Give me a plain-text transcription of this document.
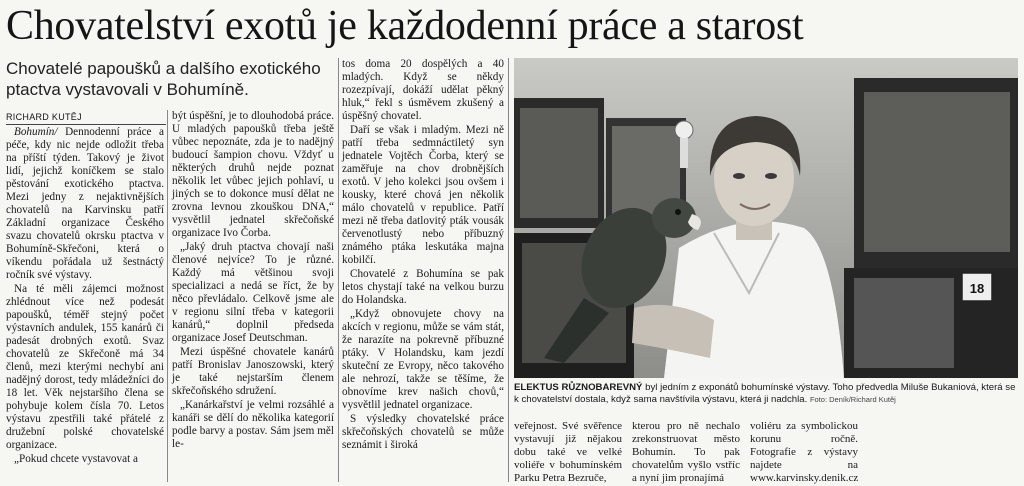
Chovatelství exotů je každodenní práce a starost
Chovatelé papoušků a dalšího exotického ptactva vystavovali v Bohumíně.
RICHARD KUTĚJ

Bohumín/ Dennodenní práce a péče, kdy nic nejde odložit třeba na příští týden. Takový je život lidí, jejichž koníčkem se stalo pěstování exotického ptactva. Mezi jedny z nejaktivnějších chovatelů na Karvinsku patří Základní organizace Českého svazu chovatelů okrsku ptactva v Bohumíně-Skřečoni, která o víkendu pořádala už šestnáctý ročník své výstavy.

Na té měli zájemci možnost zhlédnout více než podesát papoušků, téměř stejný počet výstavních andulek, 155 kanárů či padesát drobných exotů. Svaz chovatelů ze Skřečoně má 34 členů, mezi kterými nechybí ani nadějný dorost, tedy mládežníci do 18 let. Věk nejstaršího člena se pohybuje kolem čísla 70. Letos výstavu zpestřili také přátelé z družební polské chovatelské organizace.

„Pokud chcete vystavovat a

být úspěšní, je to dlouhodobá práce. U mladých papoušků třeba ještě vůbec nepoznáte, zda je to nadějný budoucí šampion chovu. Vždyť u některých druhů nejde poznat několik let vůbec jejich pohlaví, u jiných se to dokonce musí dělat ne zrovna levnou zkouškou DNA,“ vysvětlil jednatel skřečoňské organizace Ivo Čorba.

„Jaký druh ptactva chovají naši členové nejvíce? To je různé. Každý má většinou svoji specializaci a nedá se říct, že by něco převládalo. Celkově jsme ale v regionu silní třeba v kategorii kanárů,“ doplnil předseda organizace Josef Deutschman.

Mezi úspěšné chovatele kanárů patří Bronislav Janoszowski, který je také nejstarším členem skřečoňského sdružení.

„Kanárkařství je velmi rozsáhlé a kanáři se dělí do několika kategorií podle barvy a postav. Sám jsem měl le-

tos doma 20 dospělých a 40 mladých. Když se někdy rozezpívají, dokáží udělat pěkný hluk,“ řekl s úsměvem zkušený a úspěšný chovatel.

Daří se však i mladým. Mezi ně patří třeba sedmnáctiletý syn jednatele Vojtěch Čorba, který se zaměřuje na chov drobnějších exotů. V jeho kolekci jsou ovšem i kousky, které chová jen několik málo chovatelů v republice. Patří mezi ně třeba datlovitý pták vousák červenotlustý nebo příbuzný známého ptáka leskutáka majna kobilčí.

Chovatelé z Bohumína se pak letos chystají také na velkou burzu do Holandska.

„Když obnovujete chovy na akcích v regionu, může se vám stát, že narazíte na pokrevně příbuzné ptáky. V Holandsku, kam jezdí skuteční ze Evropy, něco takového ale nehrozí, takže se těšíme, že obnovíme krev našich chovů,“ vysvětlil jednatel organizace.

S výsledky chovatelské práce skřečoňských chovatelů se může seznámit i široká

18
ELEKTUS RŮZNOBAREVNÝ byl jedním z exponátů bohumínské výstavy. Toho předvedla Miluše Bukaniová, která se k chovatelství dostala, když sama navštívila výstavu, která ji nadchla. Foto: Deník/Richard Kutěj
veřejnost. Své svěřence vystavují již nějakou dobu také ve velké voliéře v bohumínském Parku Petra Bezruče,
kterou pro ně nechalo zrekonstruovat město Bohumín. To pak chovatelům vyšlo vstříc a nyní jim pronajímá
voliéru za symbolickou korunu ročně. Fotografie z výstavy najdete na www.karvinsky.denik.cz
